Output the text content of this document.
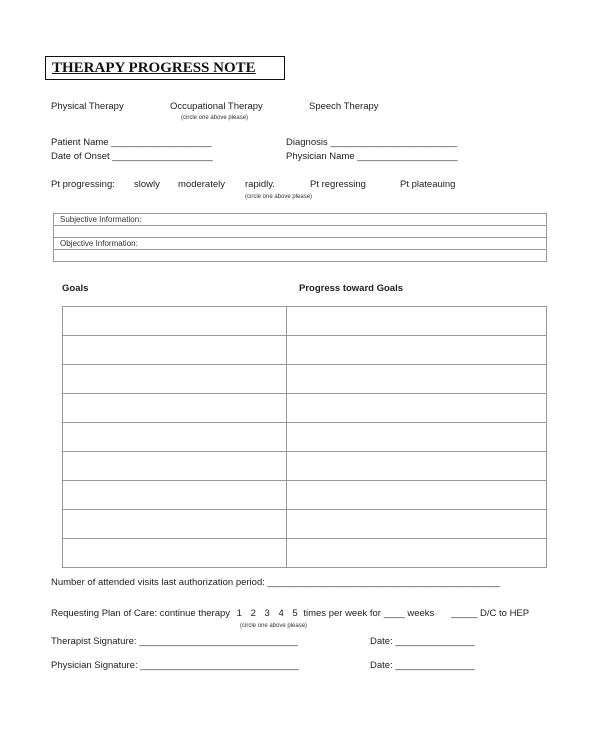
THERAPY PROGRESS NOTE
Physical Therapy	Occupational Therapy	Speech Therapy
(circle one above please)
Patient Name ___________________
Date of Onset ___________________
Diagnosis ________________________
Physician Name ___________________
Pt progressing: slowly moderately rapidly.	Pt regressing	Pt plateauing
(circle one above please)
Subjective Information:

Objective Information:

Goals	Progress toward Goals

Number of attended visits last authorization period: ____________________________________________
Requesting Plan of Care: continue therapy 1 2 3 4 5 times per week for ____ weeks _____ D/C to HEP
(circle one above please)
Therapist Signature: ______________________________	Date: _______________
Physician Signature: ______________________________	Date: _______________
